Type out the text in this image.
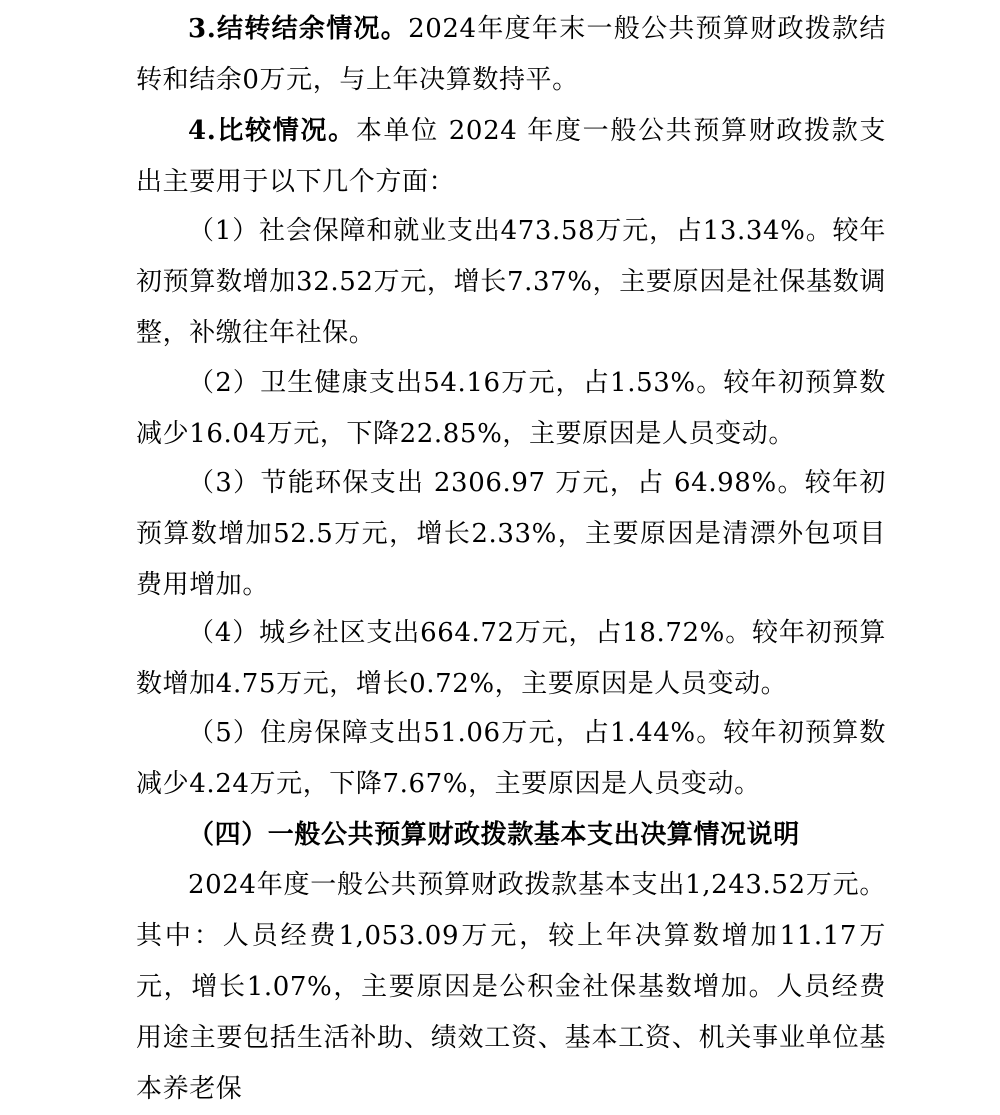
3.结转结余情况。2024年度年末一般公共预算财政拨款结转和结余0万元，与上年决算数持平。

4.比较情况。本单位 2024 年度一般公共预算财政拨款支出主要用于以下几个方面：

（1）社会保障和就业支出473.58万元，占13.34%。较年初预算数增加32.52万元，增长7.37%，主要原因是社保基数调整，补缴往年社保。

（2）卫生健康支出54.16万元，占1.53%。较年初预算数减少16.04万元，下降22.85%，主要原因是人员变动。

（3）节能环保支出 2306.97 万元，占 64.98%。较年初预算数增加52.5万元，增长2.33%，主要原因是清漂外包项目费用增加。

（4）城乡社区支出664.72万元，占18.72%。较年初预算数增加4.75万元，增长0.72%，主要原因是人员变动。

（5）住房保障支出51.06万元，占1.44%。较年初预算数减少4.24万元，下降7.67%，主要原因是人员变动。

（四）一般公共预算财政拨款基本支出决算情况说明

2024年度一般公共预算财政拨款基本支出1,243.52万元。其中：人员经费1,053.09万元，较上年决算数增加11.17万元，增长1.07%，主要原因是公积金社保基数增加。人员经费用途主要包括生活补助、绩效工资、基本工资、机关事业单位基本养老保
